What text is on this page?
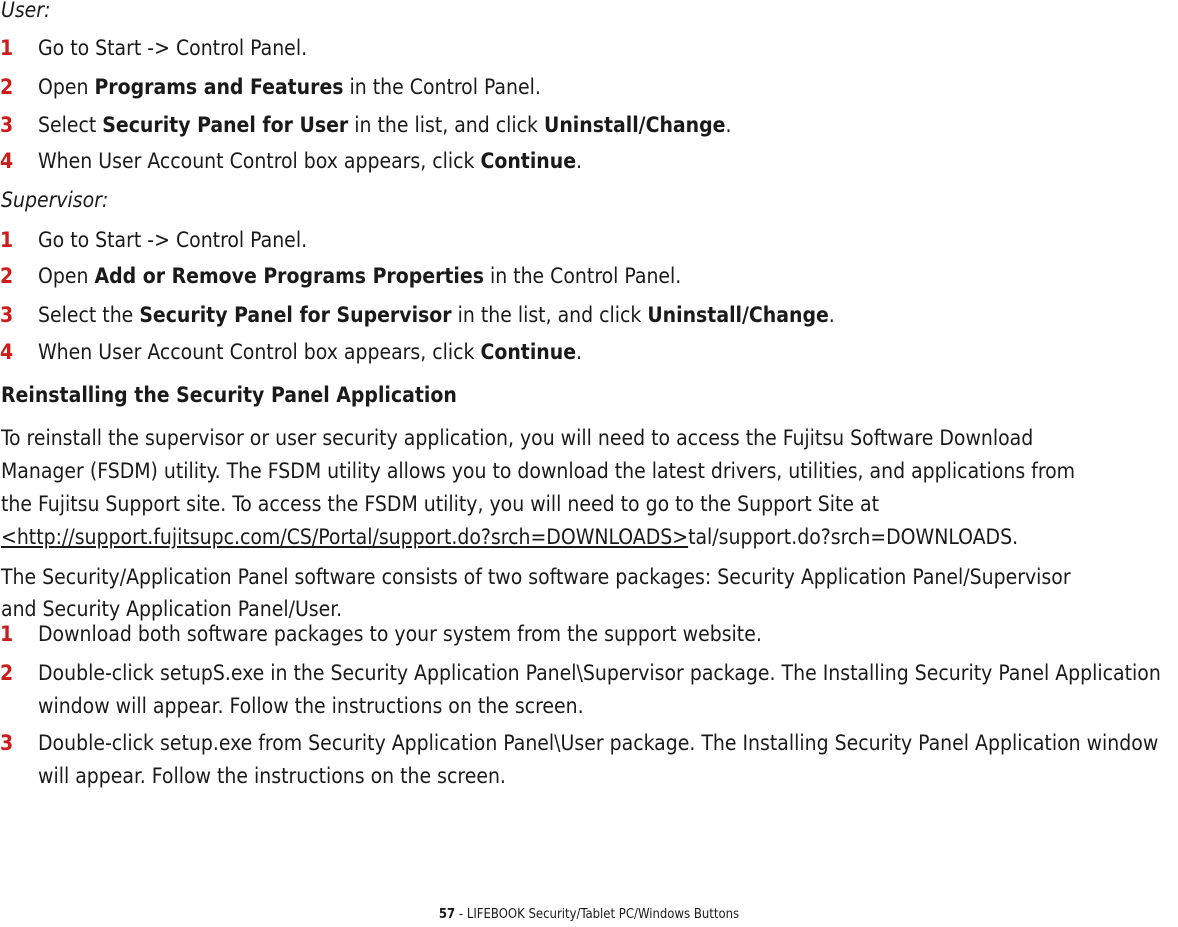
User:
1	Go to Start -> Control Panel.
2	Open Programs and Features in the Control Panel.
3	Select Security Panel for User in the list, and click Uninstall/Change.
4	When User Account Control box appears, click Continue.
Supervisor:
1	Go to Start -> Control Panel.
2	Open Add or Remove Programs Properties in the Control Panel.
3	Select the Security Panel for Supervisor in the list, and click Uninstall/Change.
4	When User Account Control box appears, click Continue.
Reinstalling the Security Panel Application
To reinstall the supervisor or user security application, you will need to access the Fujitsu Software Download
Manager (FSDM) utility. The FSDM utility allows you to download the latest drivers, utilities, and applications from
the Fujitsu Support site. To access the FSDM utility, you will need to go to the Support Site at
<http://support.fujitsupc.com/CS/Portal/support.do?srch=DOWNLOADS>tal/support.do?srch=DOWNLOADS.
The Security/Application Panel software consists of two software packages: Security Application Panel/Supervisor
and Security Application Panel/User.
1	Download both software packages to your system from the support website.
2	Double-click setupS.exe in the Security Application Panel\Supervisor package. The Installing Security Panel Application window will appear. Follow the instructions on the screen.
3	Double-click setup.exe from Security Application Panel\User package. The Installing Security Panel Application window will appear. Follow the instructions on the screen.
57 - LIFEBOOK Security/Tablet PC/Windows Buttons
